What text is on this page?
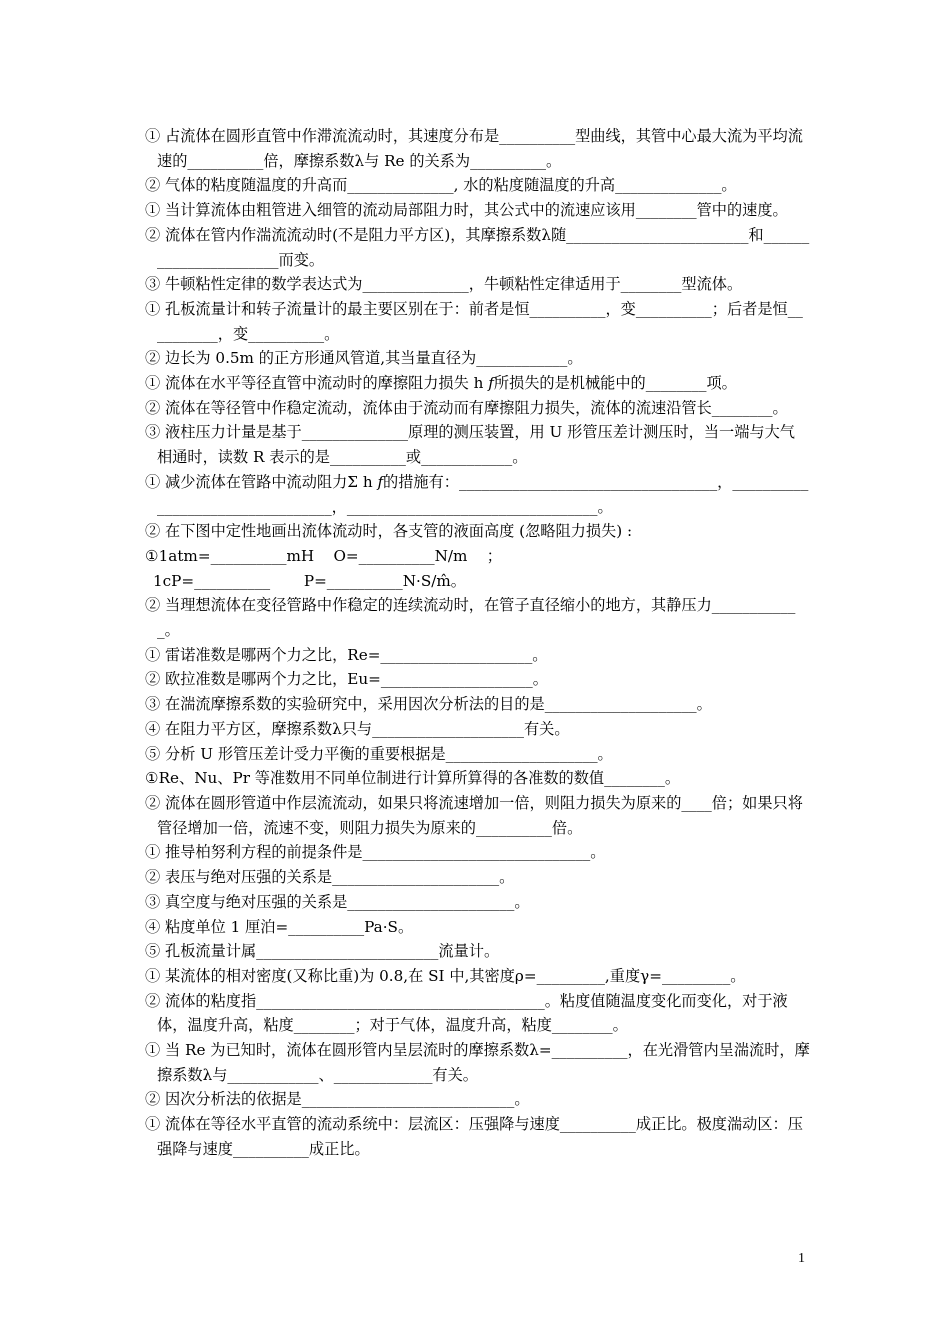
① 占流体在圆形直管中作滞流流动时，其速度分布是__________型曲线，其管中心最大流为平均流速的__________倍，摩擦系数λ与 Re 的关系为__________。
② 气体的粘度随温度的升高而______________, 水的粘度随温度的升高______________。
① 当计算流体由粗管进入细管的流动局部阻力时，其公式中的流速应该用________管中的速度。
② 流体在管内作湍流流动时(不是阻力平方区)，其摩擦系数λ随________________________和______________________而变。
③ 牛顿粘性定律的数学表达式为______________，牛顿粘性定律适用于________型流体。
① 孔板流量计和转子流量计的最主要区别在于：前者是恒__________，变__________；后者是恒__________，变__________。
② 边长为 0.5m 的正方形通风管道,其当量直径为____________。
① 流体在水平等径直管中流动时的摩擦阻力损失 h 𝑓所损失的是机械能中的________项。
② 流体在等径管中作稳定流动，流体由于流动而有摩擦阻力损失，流体的流速沿管长________。
③ 液柱压力计量是基于______________原理的测压装置，用 U 形管压差计测压时，当一端与大气相通时，读数 R 表示的是__________或____________。
① 减少流体在管路中流动阻力Σ h 𝑓的措施有：__________________________________，_________________________________，_________________________________。
② 在下图中定性地画出流体流动时，各支管的液面高度 (忽略阻力损失) :
①1atm=__________mH    O=__________N/m    ；
1cP=__________       P=__________N·S/m̂。
② 当理想流体在变径管路中作稳定的连续流动时，在管子直径缩小的地方，其静压力____________。
① 雷诺准数是哪两个力之比，Re=____________________。
② 欧拉准数是哪两个力之比，Eu=____________________。
③ 在湍流摩擦系数的实验研究中，采用因次分析法的目的是____________________。
④ 在阻力平方区，摩擦系数λ只与____________________有关。
⑤ 分析 U 形管压差计受力平衡的重要根据是____________________。
①Re、Nu、Pr 等准数用不同单位制进行计算所算得的各准数的数值________。
② 流体在圆形管道中作层流流动，如果只将流速增加一倍，则阻力损失为原来的____倍；如果只将管径增加一倍，流速不变，则阻力损失为原来的__________倍。
① 推导柏努利方程的前提条件是______________________________。
② 表压与绝对压强的关系是______________________。
③ 真空度与绝对压强的关系是______________________。
④ 粘度单位 1 厘泊=__________Pa·S。
⑤ 孔板流量计属________________________流量计。
① 某流体的相对密度(又称比重)为 0.8,在 SI 中,其密度ρ=_________,重度γ=_________。
② 流体的粘度指______________________________________。粘度值随温度变化而变化，对于液体，温度升高，粘度________；对于气体，温度升高，粘度________。
① 当 Re 为已知时，流体在圆形管内呈层流时的摩擦系数λ=__________，在光滑管内呈湍流时，摩擦系数λ与____________、_____________有关。
② 因次分析法的依据是____________________________。
① 流体在等径水平直管的流动系统中：层流区：压强降与速度__________成正比。极度湍动区：压强降与速度__________成正比。
1
